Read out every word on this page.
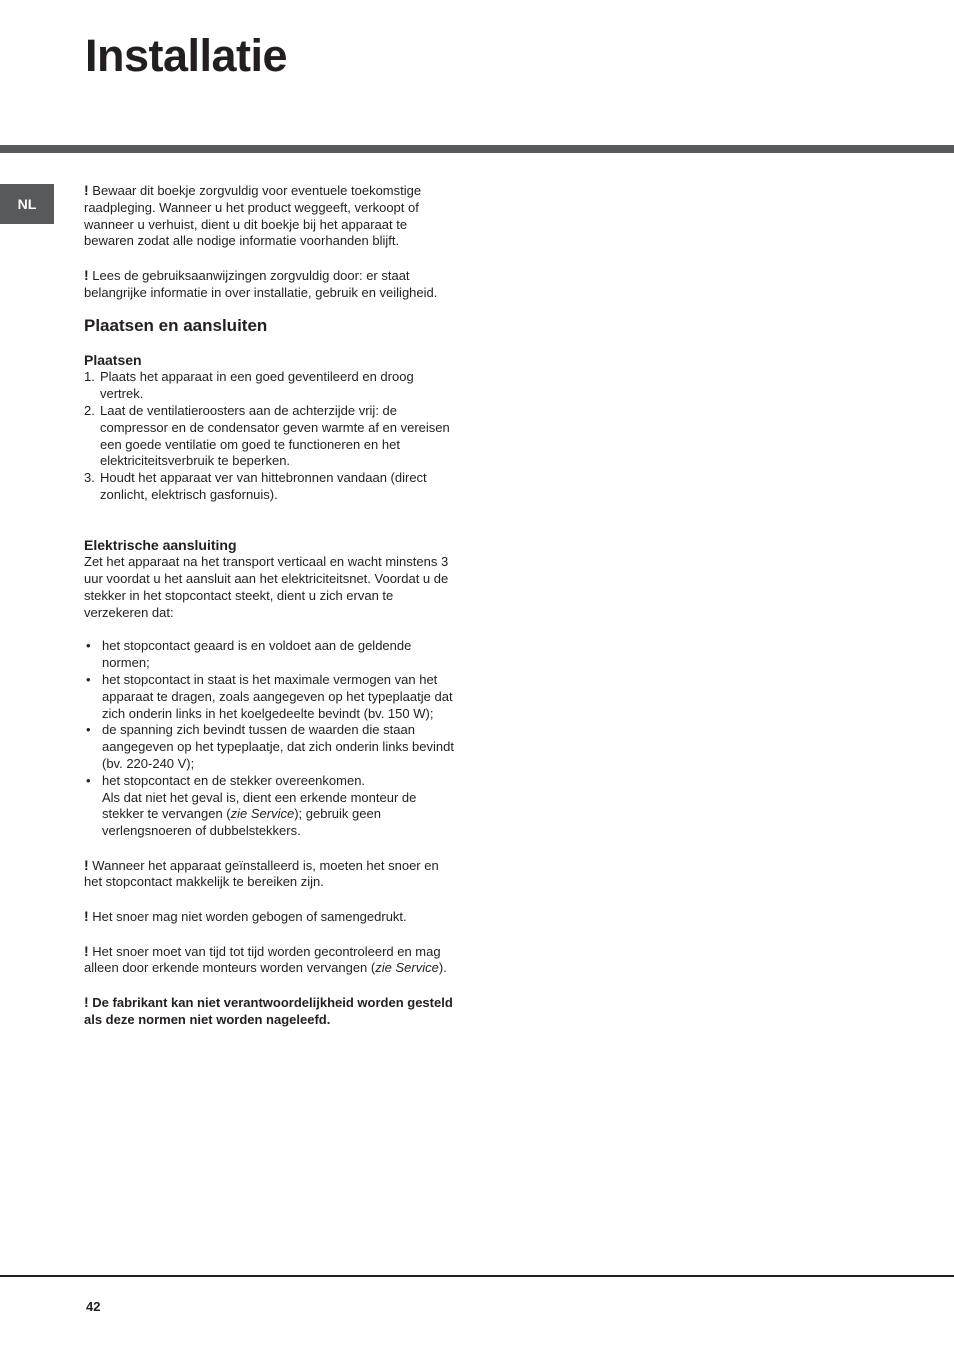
Installatie
NL

! Bewaar dit boekje zorgvuldig voor eventuele toekomstige raadpleging. Wanneer u het product weggeeft, verkoopt of wanneer u verhuist, dient u dit boekje bij het apparaat te bewaren zodat alle nodige informatie voorhanden blijft.

! Lees de gebruiksaanwijzingen zorgvuldig door: er staat belangrijke informatie in over installatie, gebruik en veiligheid.

Plaatsen en aansluiten
Plaatsen
1. Plaats het apparaat in een goed geventileerd en droog vertrek.
2. Laat de ventilatieroosters aan de achterzijde vrij: de compressor en de condensator geven warmte af en vereisen een goede ventilatie om goed te functioneren en het elektriciteitsverbruik te beperken.
3. Houdt het apparaat ver van hittebronnen vandaan (direct zonlicht, elektrisch gasfornuis).
Elektrische aansluiting

Zet het apparaat na het transport verticaal en wacht minstens 3 uur voordat u het aansluit aan het elektriciteitsnet. Voordat u de stekker in het stopcontact steekt, dient u zich ervan te verzekeren dat:

• het stopcontact geaard is en voldoet aan de geldende normen;
• het stopcontact in staat is het maximale vermogen van het apparaat te dragen, zoals aangegeven op het typeplaatje dat zich onderin links in het koelgedeelte bevindt (bv. 150 W);
• de spanning zich bevindt tussen de waarden die staan aangegeven op het typeplaatje, dat zich onderin links bevindt (bv. 220-240 V);
• het stopcontact en de stekker overeenkomen.
Als dat niet het geval is, dient een erkende monteur de stekker te vervangen (zie Service); gebruik geen verlengsnoeren of dubbelstekkers.

! Wanneer het apparaat geïnstalleerd is, moeten het snoer en het stopcontact makkelijk te bereiken zijn.

! Het snoer mag niet worden gebogen of samengedrukt.

! Het snoer moet van tijd tot tijd worden gecontroleerd en mag alleen door erkende monteurs worden vervangen (zie Service).

! De fabrikant kan niet verantwoordelijkheid worden gesteld als deze normen niet worden nageleefd.

42
